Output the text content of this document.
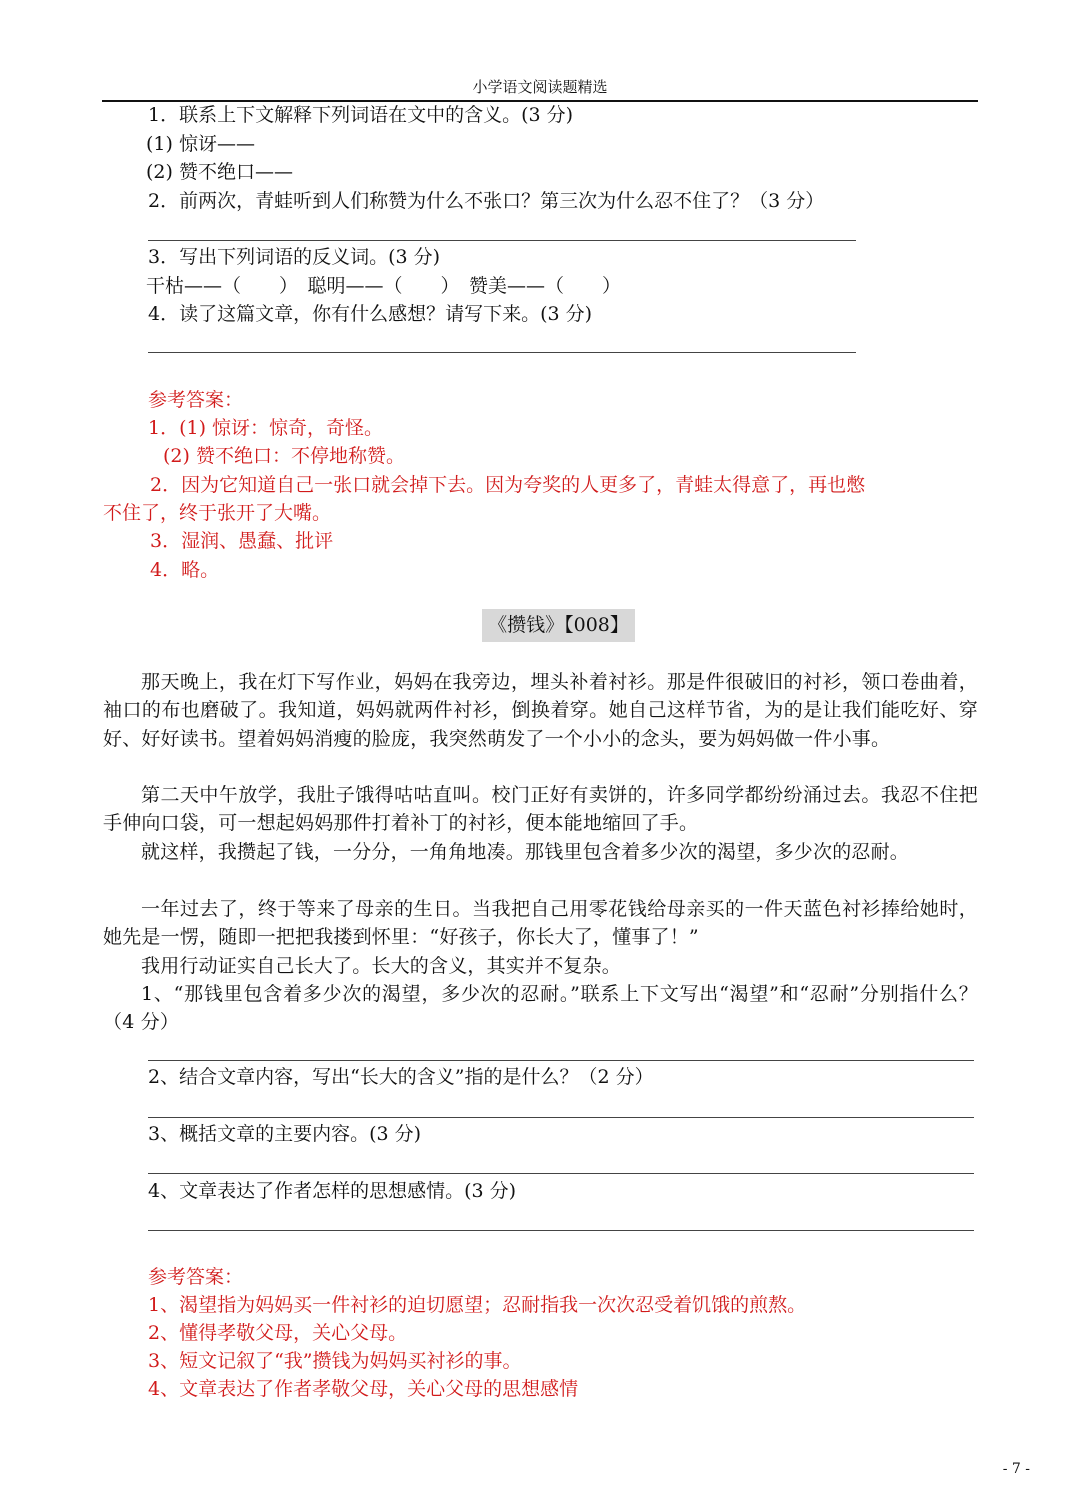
小学语文阅读题精选
1．联系上下文解释下列词语在文中的含义。(3 分)
(1) 惊讶——
(2) 赞不绝口——
2．前两次，青蛙听到人们称赞为什么不张口？第三次为什么忍不住了？（3 分）
3．写出下列词语的反义词。(3 分)
干枯——（　　）　聪明——（　　）　赞美——（　　）
4．读了这篇文章，你有什么感想？请写下来。(3 分)
参考答案：
1．(1) 惊讶：惊奇，奇怪。
(2) 赞不绝口：不停地称赞。
2．因为它知道自己一张口就会掉下去。因为夸奖的人更多了，青蛙太得意了，再也憋
不住了，终于张开了大嘴。
3．湿润、愚蠢、批评
4．略。
《攒钱》【008】
那天晚上，我在灯下写作业，妈妈在我旁边，埋头补着衬衫。那是件很破旧的衬衫，领口卷曲着，袖口的布也磨破了。我知道，妈妈就两件衬衫，倒换着穿。她自己这样节省，为的是让我们能吃好、穿好、好好读书。望着妈妈消瘦的脸庞，我突然萌发了一个小小的念头，要为妈妈做一件小事。
第二天中午放学，我肚子饿得咕咕直叫。校门正好有卖饼的，许多同学都纷纷涌过去。我忍不住把手伸向口袋，可一想起妈妈那件打着补丁的衬衫，便本能地缩回了手。
就这样，我攒起了钱，一分分，一角角地凑。那钱里包含着多少次的渴望，多少次的忍耐。
一年过去了，终于等来了母亲的生日。当我把自己用零花钱给母亲买的一件天蓝色衬衫捧给她时，她先是一愣，随即一把把我搂到怀里：“好孩子，你长大了，懂事了！”
我用行动证实自己长大了。长大的含义，其实并不复杂。
1、“那钱里包含着多少次的渴望，多少次的忍耐。”联系上下文写出“渴望”和“忍耐”分别指什么？（4 分）
2、结合文章内容，写出“长大的含义”指的是什么？（2 分）
3、概括文章的主要内容。(3 分)
4、文章表达了作者怎样的思想感情。(3 分)
参考答案：
1、渴望指为妈妈买一件衬衫的迫切愿望；忍耐指我一次次忍受着饥饿的煎熬。
2、懂得孝敬父母，关心父母。
3、短文记叙了“我”攒钱为妈妈买衬衫的事。
4、文章表达了作者孝敬父母，关心父母的思想感情
- 7 -
